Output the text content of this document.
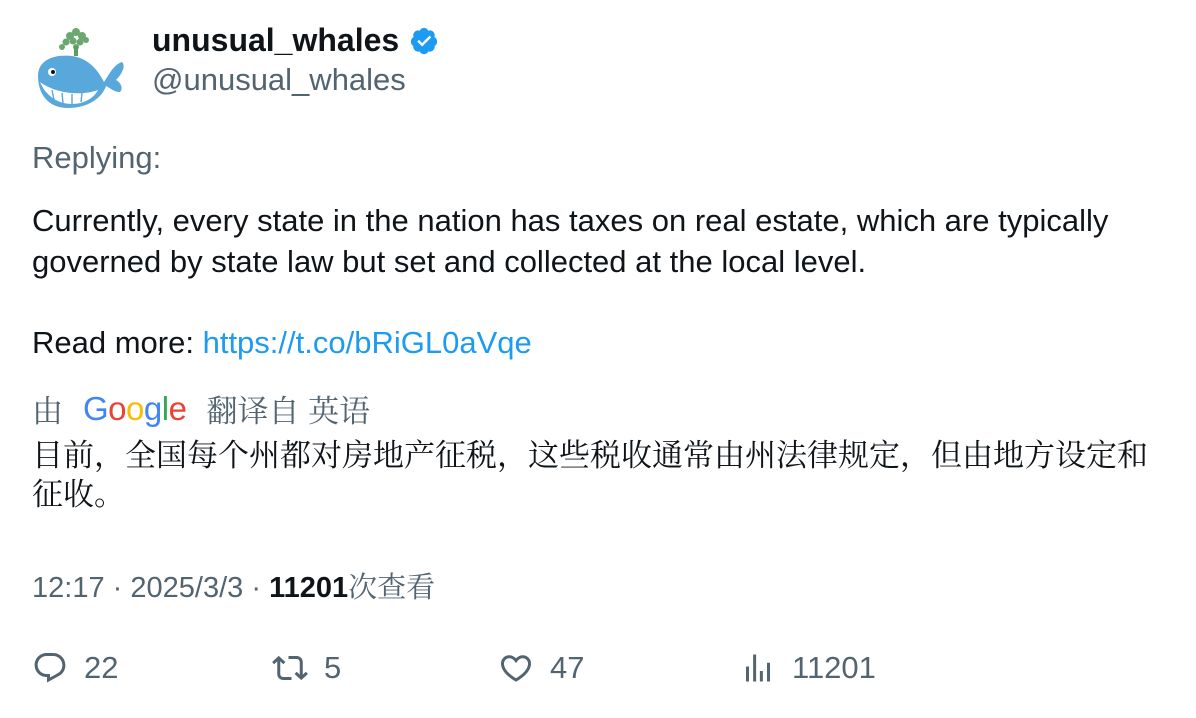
unusual_whales
@unusual_whales
Replying:

Currently, every state in the nation has taxes on real estate, which are typically governed by state law but set and collected at the local level.

Read more: https://t.co/bRiGL0aVqe

由 Google 翻译自 英语
目前，全国每个州都对房地产征税，这些税收通常由州法律规定，但由地方设定和征收。
12:17 · 2025/3/3 · 11201次查看
22	5	47	11201
